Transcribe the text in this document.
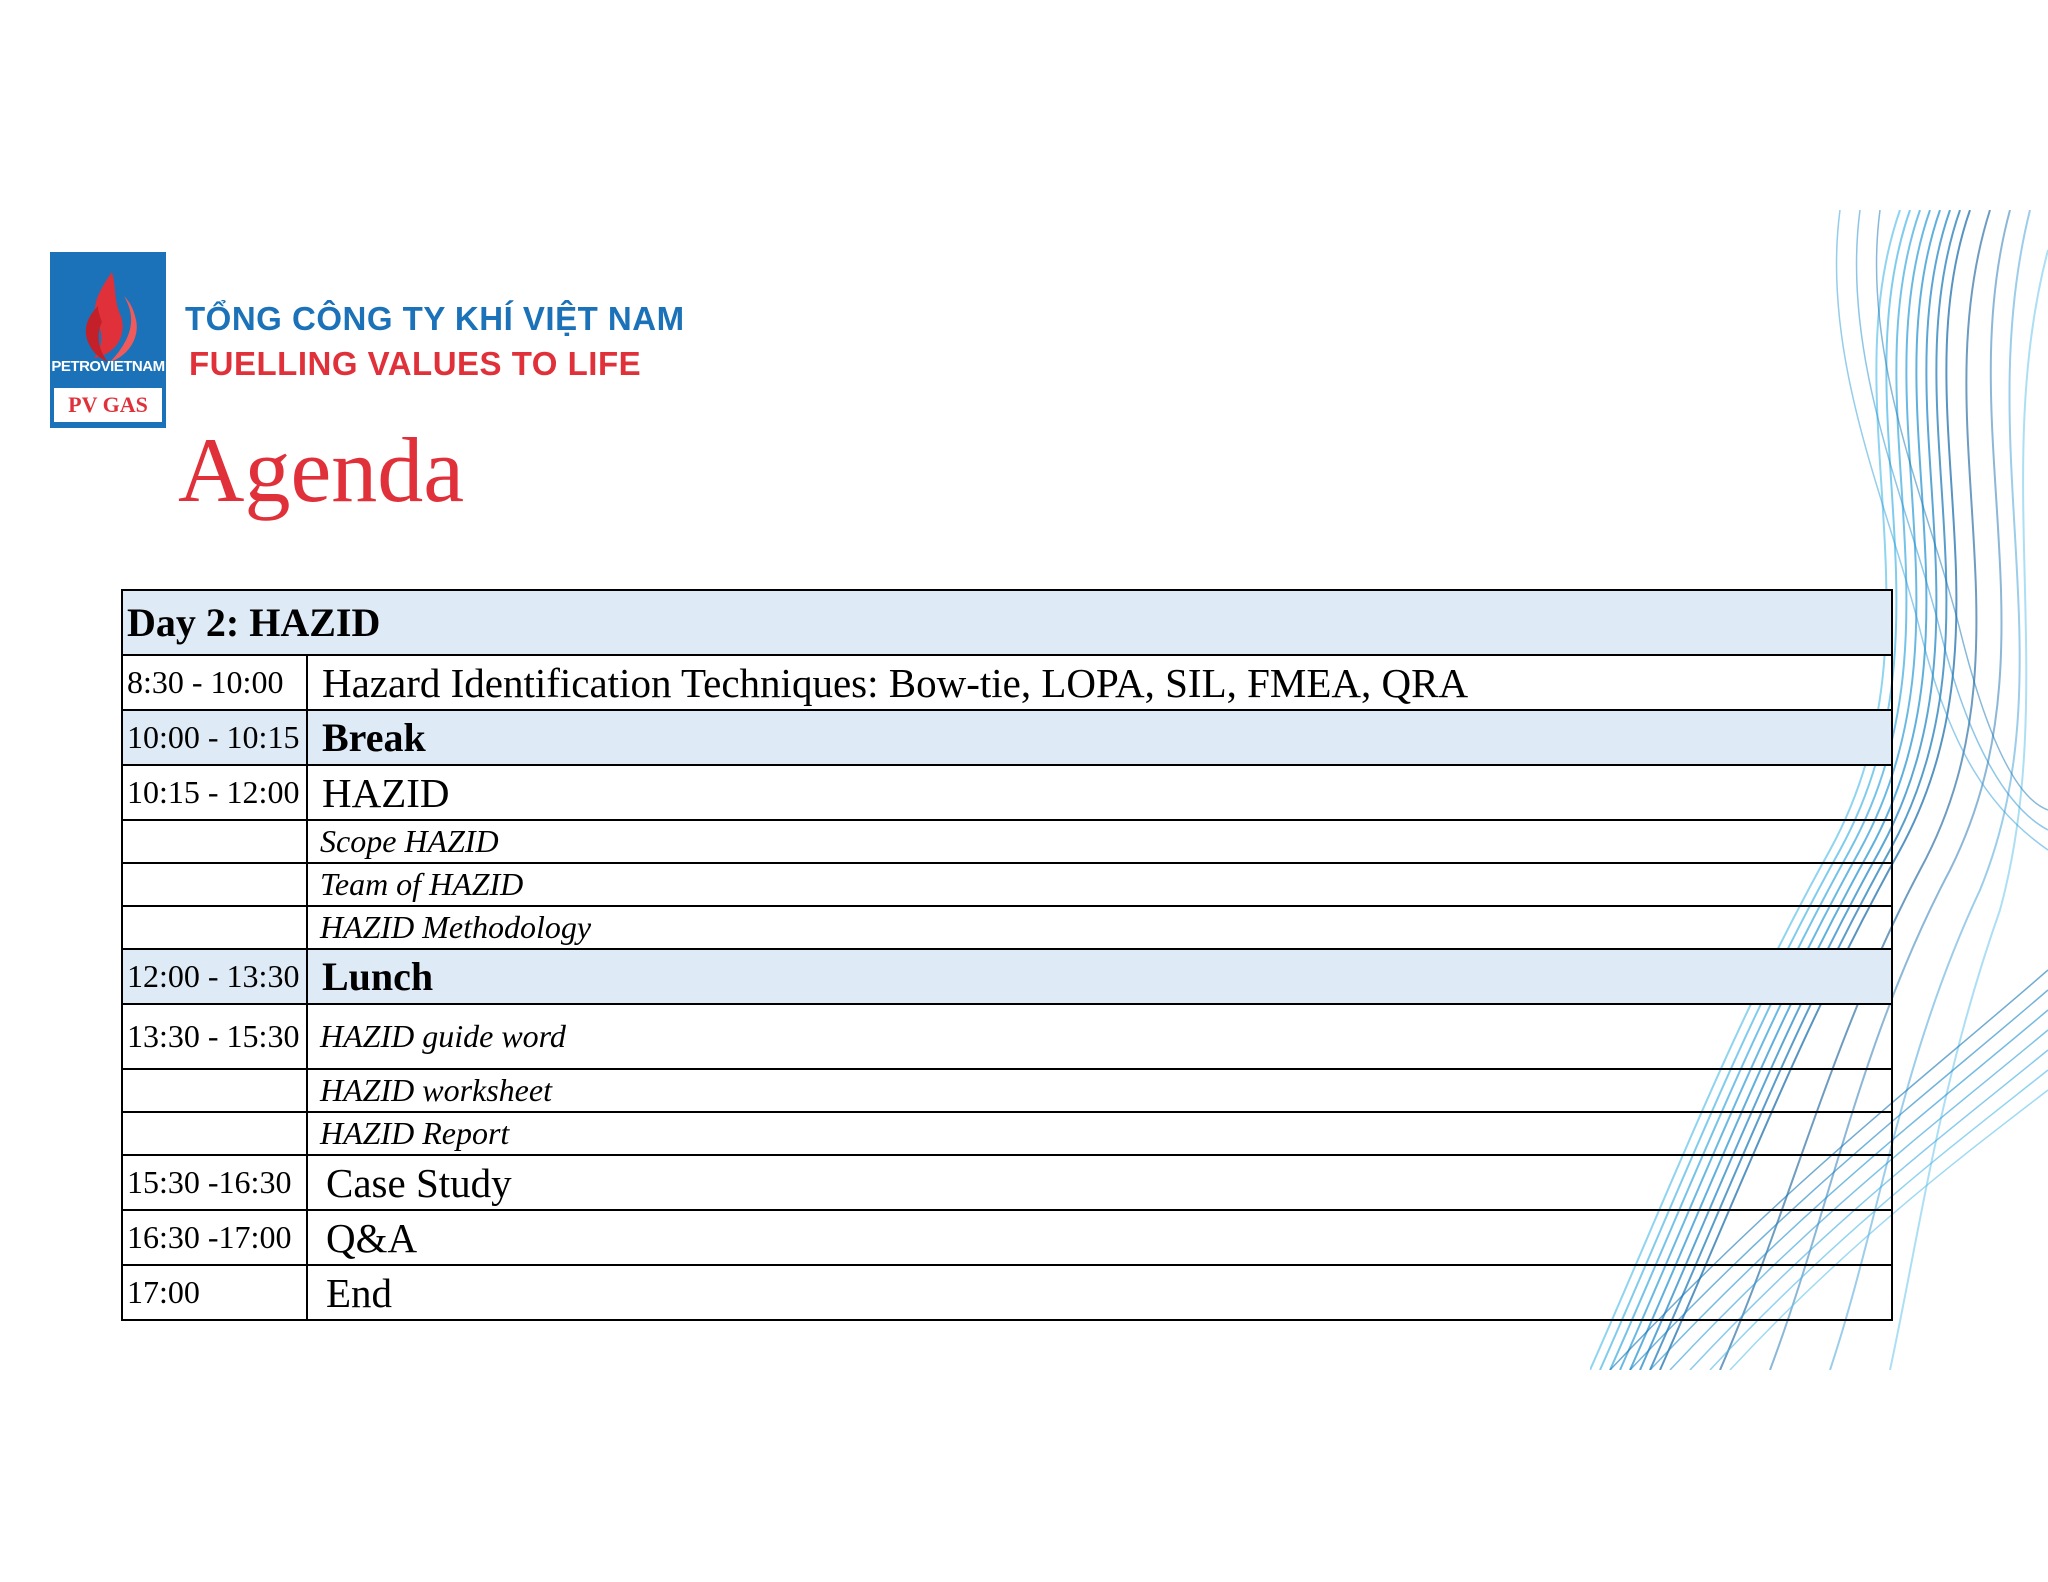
PETROVIETNAM
PV GAS
TỔNG CÔNG TY KHÍ VIỆT NAM
FUELLING VALUES TO LIFE
Agenda
Day 2: HAZID	
8:30 - 10:00	Hazard Identification Techniques: Bow-tie, LOPA, SIL, FMEA, QRA
10:00 - 10:15	Break
10:15 - 12:00	HAZID
	Scope HAZID
	Team of HAZID
	HAZID Methodology
12:00 - 13:30	Lunch
13:30 - 15:30	HAZID guide word
	HAZID worksheet
	HAZID Report
15:30 -16:30	Case Study
16:30 -17:00	Q&A
17:00	End
